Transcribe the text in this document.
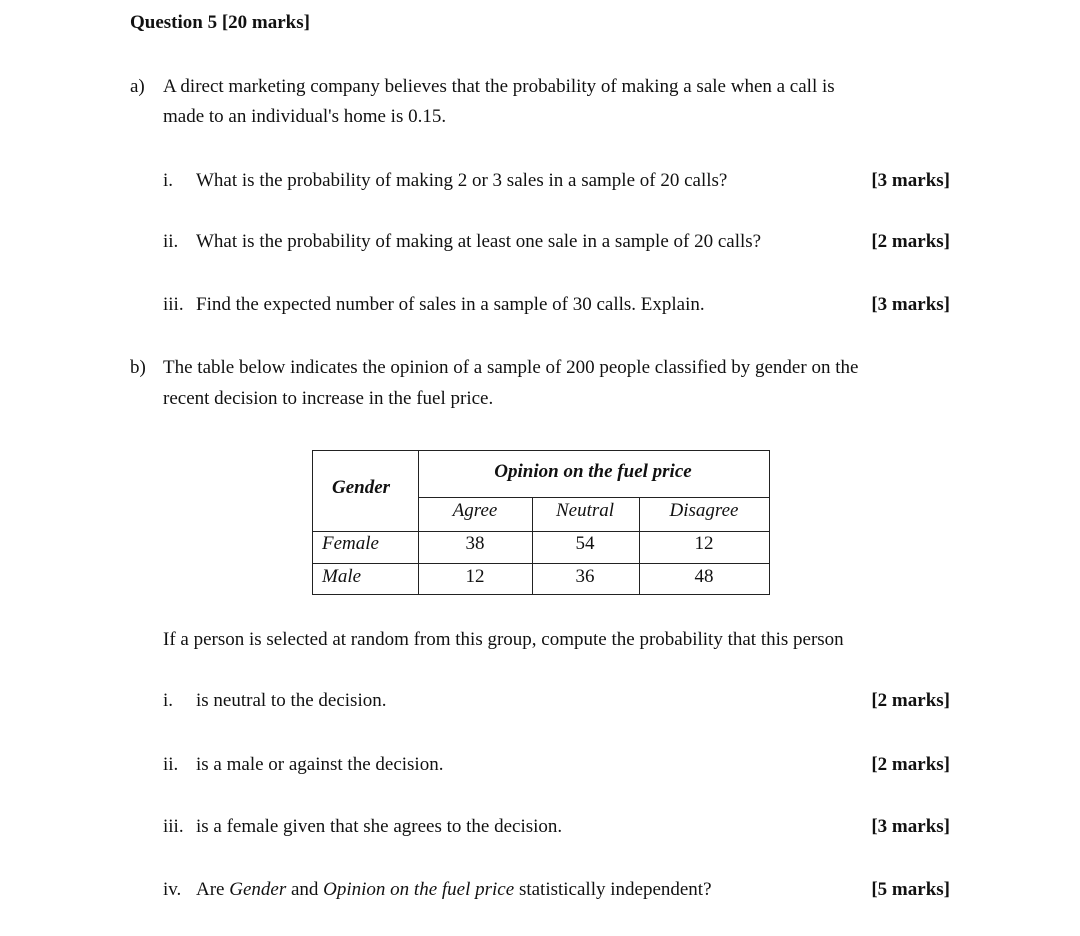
Question 5 [20 marks]
a) A direct marketing company believes that the probability of making a sale when a call is
made to an individual's home is 0.15.
i. What is the probability of making 2 or 3 sales in a sample of 20 calls?	[3 marks]
ii. What is the probability of making at least one sale in a sample of 20 calls?	[2 marks]
iii. Find the expected number of sales in a sample of 30 calls. Explain.	[3 marks]
b) The table below indicates the opinion of a sample of 200 people classified by gender on the
recent decision to increase in the fuel price.
Gender
Opinion on the fuel price
Agree	Neutral	Disagree
Female	38	54	12
Male	12	36	48
If a person is selected at random from this group, compute the probability that this person
i. is neutral to the decision.	[2 marks]
ii. is a male or against the decision.	[2 marks]
iii. is a female given that she agrees to the decision.	[3 marks]
iv. Are Gender and Opinion on the fuel price statistically independent?	[5 marks]
